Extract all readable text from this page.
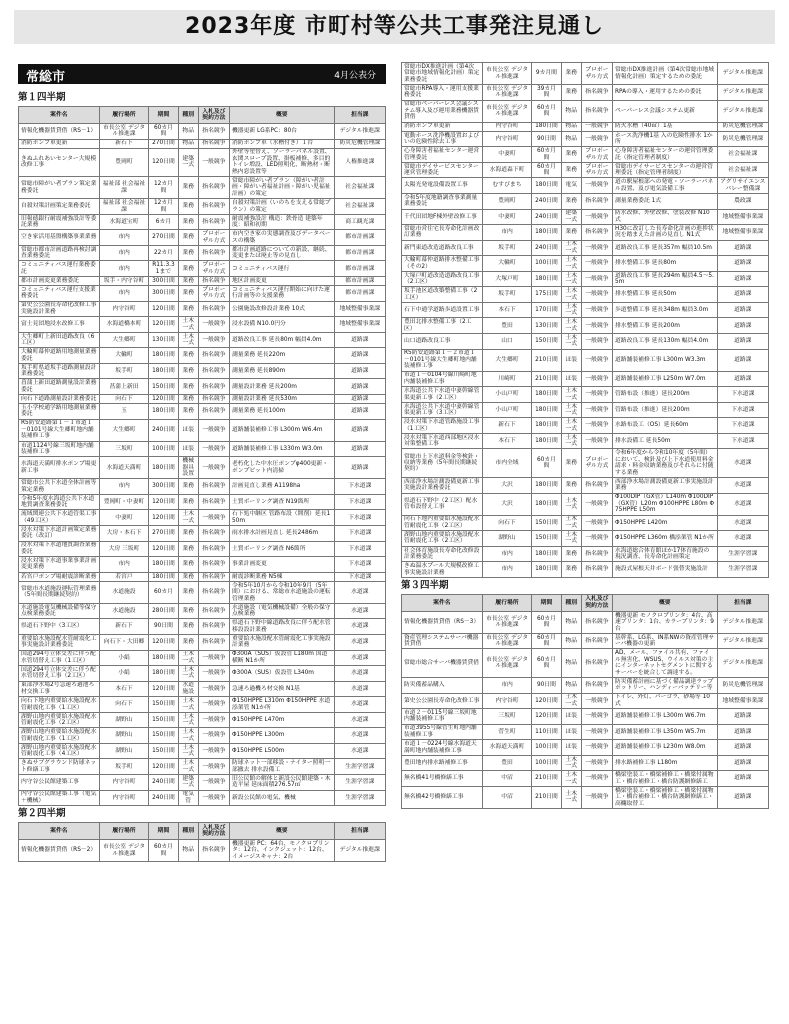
2023年度 市町村等公共工事発注見通し
常総市	4月公表分
第１四半期
案件名	履行場所	期間	種別	入札及び契約方法	概要	担当課
情報化機器賃貸借（RS－1）	市長公室 デジタル推進課	60カ月間	物品	指名競争	機器更新 LG系PC：80台	デジタル推進課
消防ポンプ車更新	新石下	270日間	物品	指名競争	消防ポンプ車（水槽付き）１台	防災危機管理課
きぬふれあいセンター大規模改修工事	豊岡町	120日間	建築一式	一般競争	外壁等塗替え、ソーラーパネル設置、玄関スロープ設置、掛板補修、多目的トイレ増設、LED照明化、断熱材・断熱内窓設置等	人権推進課
常総市障がい者プラン策定業務委託	福祉部 社会福祉課	12カ月間	業務	指名競争	常総市障がい者プラン（障がい者計画・障がい者福祉計画・障がい児福祉計画）の策定	社会福祉課
自殺対策計画策定業務委託	福祉部 社会福祉課	12カ月間	業務	指名競争	自殺対策計画（いのちを支える常総プラン）の策定	社会福祉課
旧報徳銀行耐震補強設計等委託業務	水海道宝町	6カ月	業務	指名競争	耐震補強設計 構造：鉄骨造 建築年度：昭和初期	商工観光課
空き家活用基盤構築事業業務	市内	270日間	業務	プロポーザル方式	市内空き家の実態調査及びデータベースの構築	都市計画課
常総市都市計画道路再検討調査業務委託	市内	22カ月	業務	指名競争	都市計画道路についての新設、継続、変更または廃止等の見直し	都市計画課
コミュニティバス運行業務委託	市内	R11.3.31まで	業務	プロポーザル方式	コミュニティバス運行	都市計画課
都市計画変更業務委託	坂手・内守谷町	300日間	業務	指名競争	地区計画変更	都市計画課
コミュニティバス運行支援業務委託	市内	300日間	業務	プロポーザル方式	コミュニティバス運行開始に向けた運行計画等の支援業務	都市計画課
第史公公園長寿命化改修工事実施設計業務	内守谷町	120日間	業務	指名競争	公園施設改修設計業務 10式	地域整備事業課
富士見団地浸水改修工事	水海道橋本町	120日間	土木一式	一般競争	浸水設備 N10.0円分	地域整備事業課
大生郷町上新田道路改良（6工区）	大生郷町	130日間	土木一式	一般競争	道路改良工事 延長80m 幅員4.0m	道路課
大輪町幕仲道路用地測量業務委託	大輪町	180日間	業務	指名競争	測量業務 延長220m	道路課
坂手町県道坂手道路測量設計業務委託	坂手町	180日間	業務	指名競争	測量業務 延長890m	道路課
菖蒲上新田道路測量設計業務委託	菖蒲上新田	150日間	業務	指名競争	測量設計業務 延長200m	道路課
向石下道路測量設計業務委託	向石下	120日間	業務	指名競争	測量設計業務 延長530m	道路課
玉小学校通学路用地測量業務委託	玉	180日間	業務	指名競争	測量業務 延長100m	道路課
R5防安道路第１－１市道１－0101号線大生郷町地内舗装補修工事	大生郷町	240日間	ほ装	一般競争	道路舗装補修工事 L300m W6.4m	道路課
市道1124号線三坂町地内舗装補修工事	三坂町	100日間	ほ装	一般競争	道路舗装補修工事 L330m W3.0m	道路課
水海道天満町排水ポンプ場更新工事	水海道天満町	180日間	機械器具設置	一般競争	老朽化した中水圧ポンプφ400更新・ポンプピット内清掃	道路課
常総市公共下水道全体計画等策定業務	市内	300日間	業務	指名競争	計画見直し業務 A1198ha	下水道課
令和5年度水海道公共下水道地質調査業務委託	豊岡町・中妻町	120日間	業務	指名競争	土質ボーリング調査 N19箇所	下水道課
流域関連公共下水道管渠工事（49工区）	中妻町	120日間	土木一式	一般競争	石下処中継区 管路布設（開削）延長150m	下水道課
浸水対策下水道計画策定業務委託（改訂）	大房・本石下	270日間	業務	指名競争	雨水排水計画見直し 延長2486m	下水道課
浸水対策下水道地質調査業務委託	大房 三坂町	120日間	業務	指名競争	土質ボーリング調査 N6箇所	下水道課
浸水対策下水道事業事業計画変更業務	市内	180日間	業務	指名競争	事業計画変更	下水道課
若宮戸ポンプ場耐震診断業務	若宮戸	180日間	業務	指名競争	耐震診断業務 N5棟	下水道課
常総市水道施設運転管理業務（5年間長期継続契約）	水道施設	60カ月	業務	指名競争	令和5年10月から令和10年9月（5年間）における、常総市水道施設の運転管理業務	水道課
水道施設電気機械設備等保守点検業務委託	水道施設	280日間	業務	指名競争	水道施設（電気機械設備）全般の保守点検業務	水道課
県道石下野中（3工区）	新石下	90日間	業務	指名競争	県道石下野中線道路改良に伴う配水管移設設計業務	水道課
重要給水施設配水管耐震化工事実施設計業務委託	向石下・大田郷	120日間	業務	指名競争	重要給水施設配水管耐震化工事実施設計業務	水道課
国道294号立体交差に伴う配水管切替え工事（1工区）	小絹	180日間	土木一式	一般競争	Φ300A（SUS）仮設管 L180m 国道横断 N1か所	水道課
国道294号立体交差に伴う配水管切替え工事（2工区）	小絹	180日間	土木一式	一般競争	Φ300A（SUS）仮設管 L340m	水道課
東部浄水場2号急速ろ過池ろ材交換工事	本石下	120日間	水道施設	一般競争	急速ろ過機ろ材交換 N1基	水道課
向石下地内重要給水施設配水管耐震化工事（1工区）	向石下	150日間	土木一式	一般競争	Φ150HPPE L310m Φ150HPPE 水道添架管 N1か所	水道課
湖野山地内重要給水施設配水管耐震化工事（2工区）	湖野山	150日間	土木一式	一般競争	Φ150HPPE L470m	水道課
湖野山地内重要給水施設配水管耐震化工事（1工区）	湖野山	150日間	土木一式	一般競争	Φ150HPPE L300m	水道課
湖野山地内重要給水施設配水管耐震化工事（4工区）	湖野山	150日間	土木一式	一般競争	Φ150HPPE L500m	水道課
きぬサブグラウンド防球ネット修繕工事	坂手町	120日間	土木一式	一般競争	防球ネット一部移設・ナイター照明一部撤去 排水設備工	生涯学習課
内守谷公民館建築工事	内守谷町	240日間	建築一式	一般競争	旧公民館の解体と新設公民館建築・木造平屋 延床面積276.57㎡	生涯学習課
内守谷公民館建築工事（電気＋機械）	内守谷町	240日間	電気管	一般競争	新設公民館の電気、機械	生涯学習課
第２四半期
案件名	履行場所	期間	種別	入札及び契約方法	概要	担当課
情報化機器賃貸借（RS－2）	市長公室 デジタル推進課	60カ月間	物品	指名競争	機器更新 PC：64台、モノクロプリンタ：12台、インクジェット：12台、イメージスキャナ：2台	デジタル推進課
常総市DX推進計画（第4次常総市地域情報化計画）策定業務委託	市長公室 デジタル推進課	9カ月間	業務	プロポーザル方式	常総市DX推進計画（第4次常総市地域情報化計画）策定するための委託	デジタル推進課
常総市RPA導入・運用支援業務委託	市長公室 デジタル推進課	39カ月間	業務	指名競争	RPAの導入・運用するための委託	デジタル推進課
常総市ペーパーレス会議システム導入及び運用業務機器賃貸借	市長公室 デジタル推進課	60カ月間	物品	指名競争	ペーパーレス会議システム更新	デジタル推進課
消防ポンプ車更新	内守谷町	180日間	物品	一般競争	防火水槽（40㎥）1基	防災危機管理課
電動ホース洗浄機設置およびいの危険性除去工事	内守谷町	90日間	物品	一般競争	ホース洗浄機1基 入の危険性排水 1か所	防災危機管理課
心身障害者福祉センター運営管理委託	中妻町	60カ月間	業務	プロポーザル方式	心身障害者福祉センターの運営管理委託（指定管理者制度）	社会福祉課
常総市デイサービスセンター運営管理委託	水海道森下町	60カ月間	業務	プロポーザル方式	常総市デイサービスセンターの運営管理委託（指定管理者制度）	社会福祉課
太陽光発電設備設置工事	むすびまち	180日間	電気	一般競争	道の駅屋根部への発電・ソーラーパネル設置、及び電気設備工事	アグリサイエンスバレー整備課
令和5年度地籍調査事業測量業務委託	豊岡町	240日間	業務	指名競争	測量業務委託 1式	農政課
千代田団地F棟外壁改修工事	中妻町	240日間	建築一式	一般競争	防水改修、外壁改修、塗装改修 N10式	地域整備事業課
常総市営住宅長寿命化計画改訂業務	市内	180日間	業務	指名競争	H30に改訂した長寿命化計画の進捗状況を踏まえた計画の見直し N1式	地域整備事業課
新門東道改造道路改良工事	坂手町	240日間	土木一式	一般競争	道路改良工事 延長357m 幅員10.5m	道路課
大輪町幕仲道路排水整備工事（その2）	大輪町	100日間	土木一式	一般競争	排水整備工事 延長80m	道路課
大塚戸町道改造道路改良工事（2工区）	大塚戸町	180日間	土木一式	一般競争	道路改良工事 延長294m 幅員4.5〜5.5m	道路課
坂手池区道改築整備工事（2工区）	坂手町	175日間	土木一式	一般競争	排水整備工事 延長50m	道路課
石下中通学道路歩道設置工事	本石下	170日間	土木一式	一般競争	歩道整備工事 延長348m 幅員3.0m	道路課
豊田北排水整備工事（2工区）	豊田	130日間	土木一式	一般競争	排水整備工事 延長200m	道路課
山口道路改良工事	山口	150日間	土木一式	一般競争	道路改良工事 延長130m 幅員4.0m	道路課
R5防安道路第１－２市道１－0101号線大生郷町地内舗装補修工事	大生郷町	210日間	ほ装	一般競争	道路舗装補修工事 L300m W3.3m	道路課
市道１－0104号線川崎町地内舗装補修工事	川崎町	210日間	ほ装	一般競争	道路舗装補修工事 L250m W7.0m	道路課
水海道公共下水道中妻幹線管渠更新工事（2工区）	小山戸町	180日間	土木一式	一般競争	管路布設（推進）延長200m	下水道課
水海道公共下水道中妻幹線管渠更新工事（3工区）	小山戸町	180日間	土木一式	一般競争	管路布設（推進）延長200m	下水道課
浸水対策下水道管路施設工事（1工区）	新石下	180日間	土木一式	一般競争	水路布設工（OS）延長60m	下水道課
浸水対策下水道西部地区浸水対策整備工事	本石下	180日間	土木一式	一般競争	排水設備工 延長50m	下水道課
常総市上下水道料金等検針・収納等業務（5年間長期継続契約）	市内全域	60カ月間	業務	プロポーザル方式	令和6年度から令和10年度（5年間）において、検針及び上下水道使用料金請求・料金収納業務及びそれらに付随する業務	水道課
西部浄水場計測設備更新工事実施設計業務委託	大沢	180日間	業務	指名競争	西部浄水場計測設備更新工事実施設計業務	水道課
県道石下野中（2工区）配水管布設替え工事	大沢	180日間	土木一式	一般競争	Φ100DIP（GX管）L140m Φ100DIP（GX管）L20m Φ100HPPE L80m Φ75HPPE L50m	水道課
向石下地内重要給水施設配水管耐震化工事（2工区）	向石下	150日間	土木一式	一般競争	Φ150HPPE L420m	水道課
湖野山地内重要給水施設配水管耐震化工事（2工区）	湖野山	150日間	土木一式	一般競争	Φ150HPPE L360m 橋添架管 N1か所	水道課
社会体育施設長寿命化改修設計業務委託	市内	180日間	業務	指名競争	水海道総合体育館ほか17体育施設の現況調査、長寿命化計画策定	生涯学習課
きぬ温水プール大規模改修工事実施設計業務	市内	180日間	業務	指名競争	施設式屋根天井ボード張替実施設計	生涯学習課
第３四半期
案件名	履行場所	期間	種別	入札及び契約方法	概要	担当課
情報化機器賃貸借（RS－3）	市長公室 デジタル推進課	60カ月間	物品	指名競争	機器更新 モノクロプリンタ：4台、高速プリンタ：1台、カラープリンタ：9台	デジタル推進課
資産管理システムサーバ機器賃貸借	市長公室 デジタル推進課	60カ月間	物品	指名競争	基幹系、LG系、IN系NWの資産管理サーバ機器の更新	デジタル推進課
常総市総合サーバ機器賃貸借	市長公室 デジタル推進課	60カ月間	物品	指名競争	AD、メール、ファイル共有、ファイル無害化、WSUS、ウイルス対策の主にインターネットセグメントに関するサーバーを統合して調達する。	デジタル推進課
防災備蓄品購入	市内	90日間	物品	指名競争	防災備蓄計画に基づく備品調達ラップポットリー、ハンディーバッテリー等	防災危機管理課
第史公公園長寿命化改修工事	内守谷町	120日間	土木一式	一般競争	トイレ、外灯、パーゴラ、砂場等 10式	地域整備事業課
市道２－0115号線三坂町地内舗装補修工事	三坂町	120日間	ほ装	一般競争	道路舗装補修工事 L300m W6.7m	道路課
市道3955号線菅生町地内舗装補修工事	菅生町	110日間	ほ装	一般競争	道路舗装補修工事 L350m W5.7m	道路課
市道１－0224号線水海道天満町地内舗装補修工事	水海道天満町	100日間	ほ装	一般競争	道路舗装補修工事 L230m W8.0m	道路課
豊田地内排水路補修工事	豊田	100日間	土木一式	一般競争	排水路補修工事 L180m	道路課
無名橋41号橋修繕工事	中沼	210日間	土木一式	一般競争	橋梁塗装工・橋梁補修工・橋梁付属物工・橋台補修工・橋台防護網修繕工	道路課
無名橋42号橋修繕工事	中沼	210日間	土木一式	一般競争	橋梁塗装工・橋梁補修工・橋梁付属物工・橋台補修工・橋台防護網修繕工・高欄取替工	道路課
